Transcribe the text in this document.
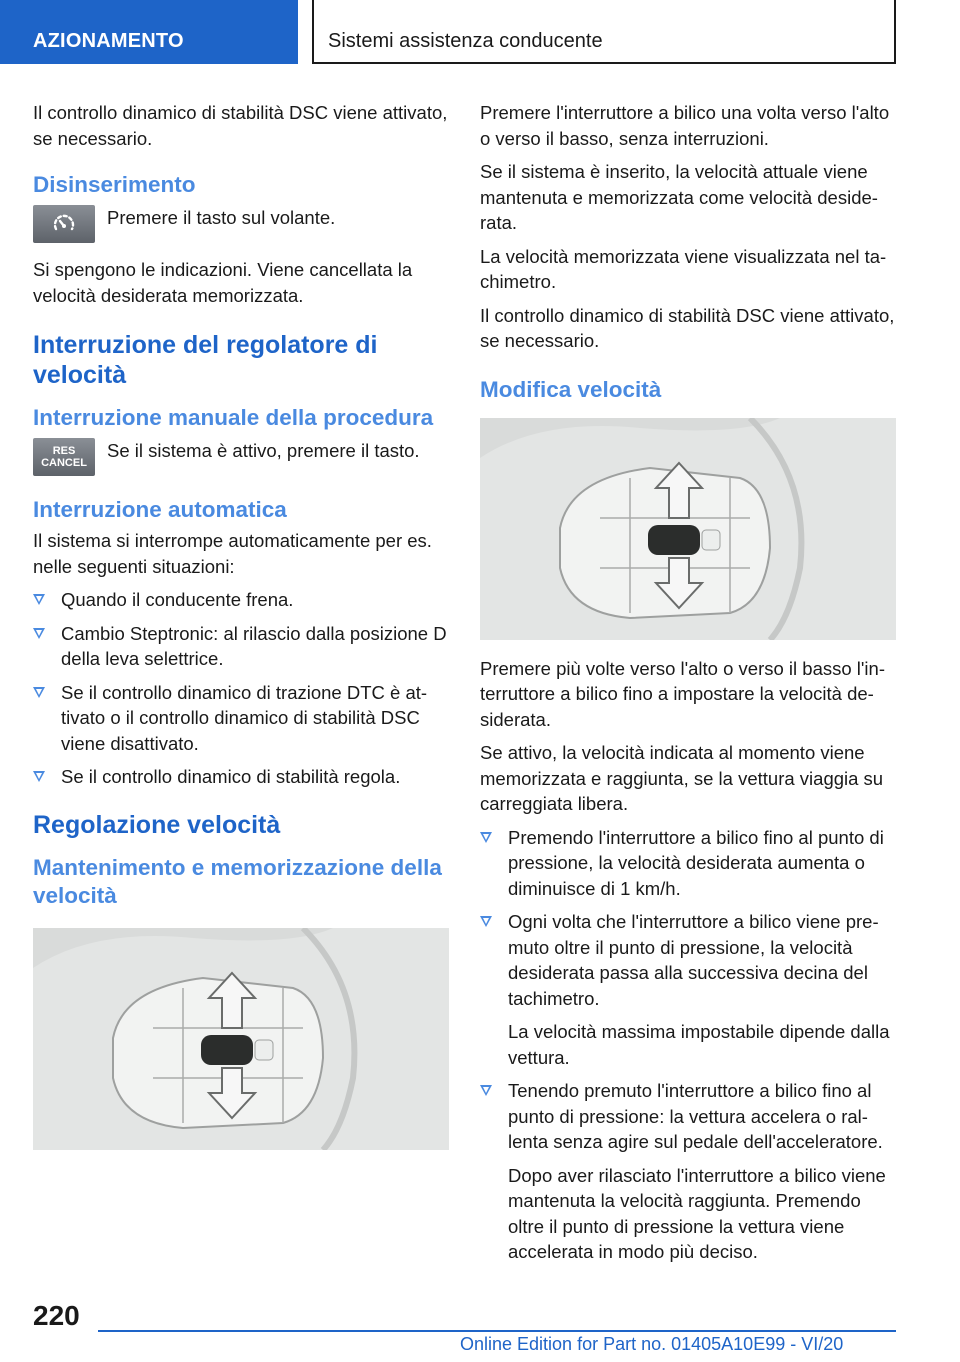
AZIONAMENTO	Sistemi assistenza conducente

Il controllo dinamico di stabilità DSC viene attivato, se necessario.

Disinserimento

Premere il tasto sul volante.

Si spengono le indicazioni. Viene cancellata la velocità desiderata memorizzata.

Interruzione del regolatore di velocità
Interruzione manuale della procedura
RES CANCEL

Se il sistema è attivo, premere il tasto.

Interruzione automatica

Il sistema si interrompe automaticamente per es. nelle seguenti situazioni:

Quando il conducente frena.
Cambio Steptronic: al rilascio dalla posizione D della leva selettrice.
Se il controllo dinamico di trazione DTC è attivato o il controllo dinamico di stabilità DSC viene disattivato.
Se il controllo dinamico di stabilità regola.
Regolazione velocità
Mantenimento e memorizzazione della velocità

Premere l'interruttore a bilico una volta verso l'alto o verso il basso, senza interruzioni.

Se il sistema è inserito, la velocità attuale viene mantenuta e memorizzata come velocità desiderata.

La velocità memorizzata viene visualizzata nel tachimetro.

Il controllo dinamico di stabilità DSC viene attivato, se necessario.

Modifica velocità

Premere più volte verso l'alto o verso il basso l'interruttore a bilico fino a impostare la velocità desiderata.

Se attivo, la velocità indicata al momento viene memorizzata e raggiunta, se la vettura viaggia su carreggiata libera.

Premendo l'interruttore a bilico fino al punto di pressione, la velocità desiderata aumenta o diminuisce di 1 km/h.
Ogni volta che l'interruttore a bilico viene premuto oltre il punto di pressione, la velocità desiderata passa alla successiva decina del tachimetro.
La velocità massima impostabile dipende dalla vettura.
Tenendo premuto l'interruttore a bilico fino al punto di pressione: la vettura accelera o rallenta senza agire sul pedale dell'acceleratore.
Dopo aver rilasciato l'interruttore a bilico viene mantenuta la velocità raggiunta. Premendo oltre il punto di pressione la vettura viene accelerata in modo più deciso.
220
Online Edition for Part no. 01405A10E99 - VI/20
